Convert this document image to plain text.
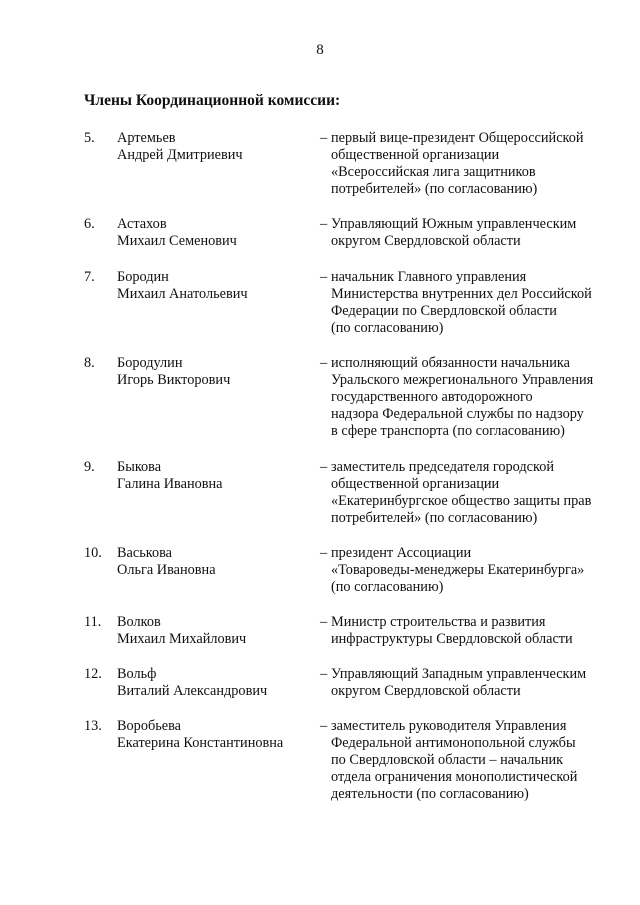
8
Члены Координационной комиссии:
5. Артемьев
Андрей Дмитриевич
– первый вице-президент Общероссийской
общественной организации
«Всероссийская лига защитников
потребителей» (по согласованию)
6. Астахов
Михаил Семенович
– Управляющий Южным управленческим
округом Свердловской области
7. Бородин
Михаил Анатольевич
– начальник Главного управления
Министерства внутренних дел Российской
Федерации по Свердловской области
(по согласованию)
8. Бородулин
Игорь Викторович
– исполняющий обязанности начальника
Уральского межрегионального Управления
государственного автодорожного
надзора Федеральной службы по надзору
в сфере транспорта (по согласованию)
9. Быкова
Галина Ивановна
– заместитель председателя городской
общественной организации
«Екатеринбургское общество защиты прав
потребителей» (по согласованию)
10. Васькова
Ольга Ивановна
– президент Ассоциации
«Товароведы-менеджеры Екатеринбурга»
(по согласованию)
11. Волков
Михаил Михайлович
– Министр строительства и развития
инфраструктуры Свердловской области
12. Вольф
Виталий Александрович
– Управляющий Западным управленческим
округом Свердловской области
13. Воробьева
Екатерина Константиновна
– заместитель руководителя Управления
Федеральной антимонопольной службы
по Свердловской области – начальник
отдела ограничения монополистической
деятельности (по согласованию)
